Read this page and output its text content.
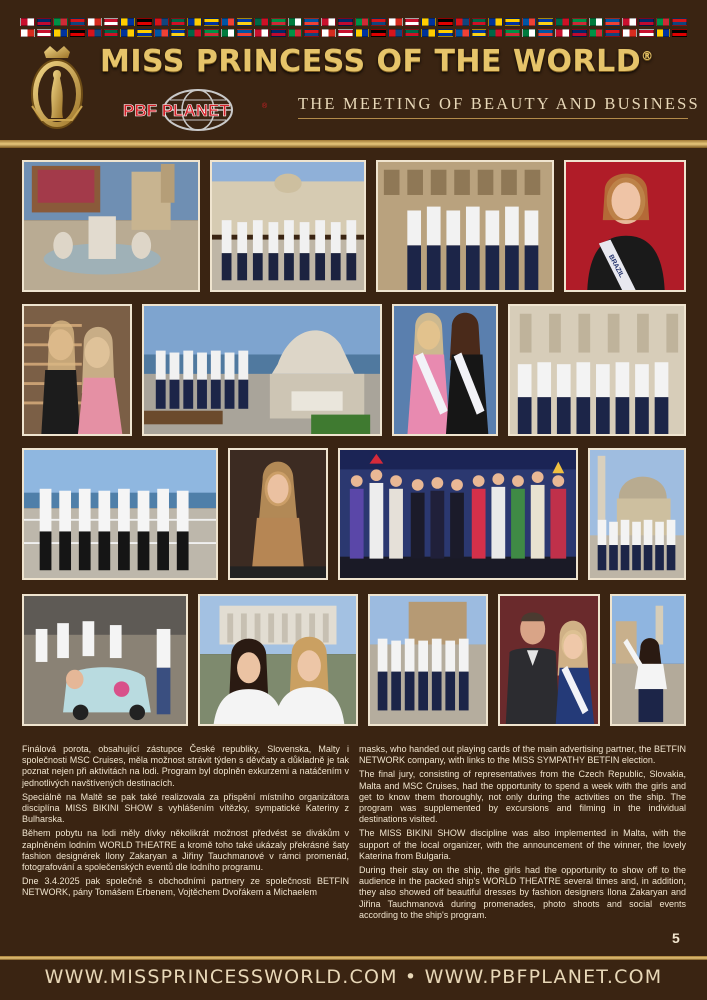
MISS PRINCESS OF THE WORLD®
PBF PLANET	® THE MEETING OF BEAUTY AND BUSINESS
BRAZIL

Finálová porota, obsahující zástupce České republiky, Slovenska, Malty i společnosti MSC Cruises, měla možnost strávit týden s děvčaty a důkladně je tak poznat nejen při aktivitách na lodi. Program byl doplněn exkurzemi a natáčením v jednotlivých navštívených destinacích.

Speciálně na Maltě se pak také realizovala za přispění místního organizátora disciplína MISS BIKINI SHOW s vyhlášením vítězky, sympatické Kateriny z Bulharska.

Během pobytu na lodi měly dívky několikrát možnost předvést se divákům v zaplněném lodním WORLD THEATRE a kromě toho také ukázaly překrásné šaty fashion designérek Ilony Zakaryan a Jiřiny Tauchmanové v rámci promenád, fotografování a společenských eventů dle lodního programu.

Dne 3.4.2025 pak společně s obchodními partnery ze společnosti BETFIN NETWORK, pány Tomášem Erbenem, Vojtěchem Dvořákem a Michaelem

masks, who handed out playing cards of the main advertising partner, the BETFIN NETWORK company, with links to the MISS SYMPATHY BETFIN election.

The final jury, consisting of representatives from the Czech Republic, Slovakia, Malta and MSC Cruises, had the opportunity to spend a week with the girls and get to know them thoroughly, not only during the activities on the ship. The program was supplemented by excursions and filming in the individual destinations visited.

The MISS BIKINI SHOW discipline was also implemented in Malta, with the support of the local organizer, with the announcement of the winner, the lovely Katerina from Bulgaria.

During their stay on the ship, the girls had the opportunity to show off to the audience in the packed ship's WORLD THEATRE several times and, in addition, they also showed off beautiful dresses by fashion designers Ilona Zakaryan and Jiřina Tauchmanová during promenades, photo shoots and social events according to the ship's program.

5
WWW.MISSPRINCESSWORLD.COM • WWW.PBFPLANET.COM
